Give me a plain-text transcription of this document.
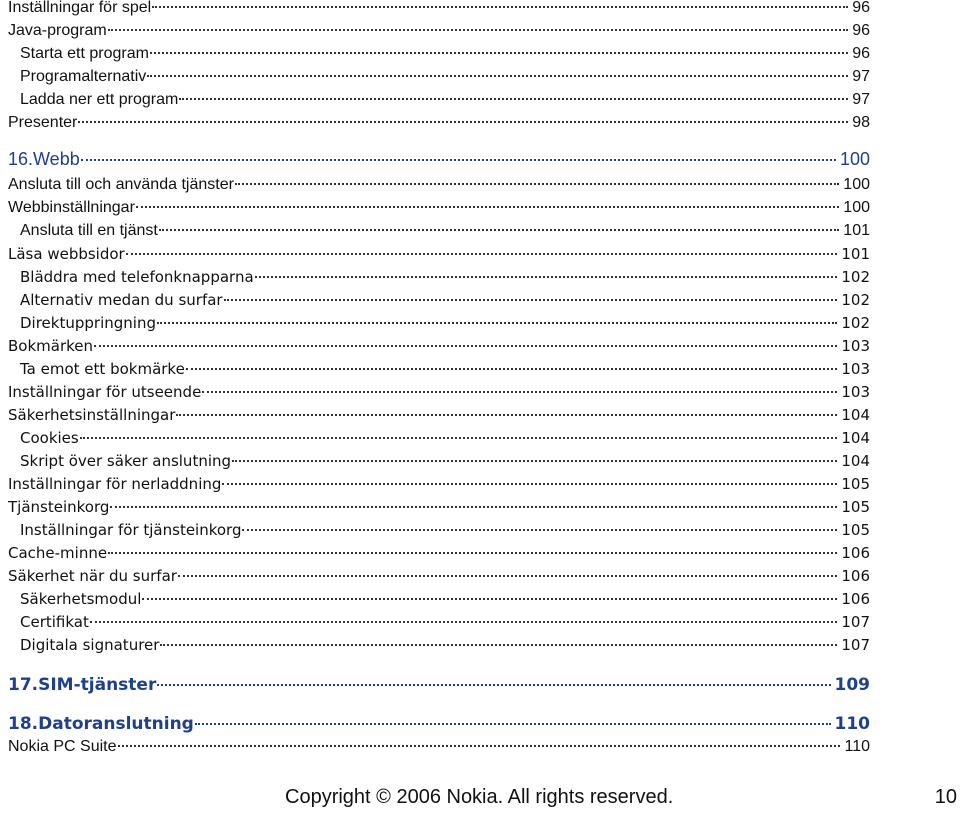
Inställningar för spel	96
Java-program	96
Starta ett program	96
Programalternativ	97
Ladda ner ett program	97
Presenter	98
16.Webb	100
Ansluta till och använda tjänster	100
Webbinställningar	100
Ansluta till en tjänst	101
Läsa webbsidor	101
Bläddra med telefonknapparna	102
Alternativ medan du surfar	102
Direktuppringning	102
Bokmärken	103
Ta emot ett bokmärke	103
Inställningar för utseende	103
Säkerhetsinställningar	104
Cookies	104
Skript över säker anslutning	104
Inställningar för nerladdning	105
Tjänsteinkorg	105
Inställningar för tjänsteinkorg	105
Cache-minne	106
Säkerhet när du surfar	106
Säkerhetsmodul	106
Certifikat	107
Digitala signaturer	107
17.SIM-tjänster	109
18.Datoranslutning	110
Nokia PC Suite	110
Copyright © 2006 Nokia. All rights reserved.	10
